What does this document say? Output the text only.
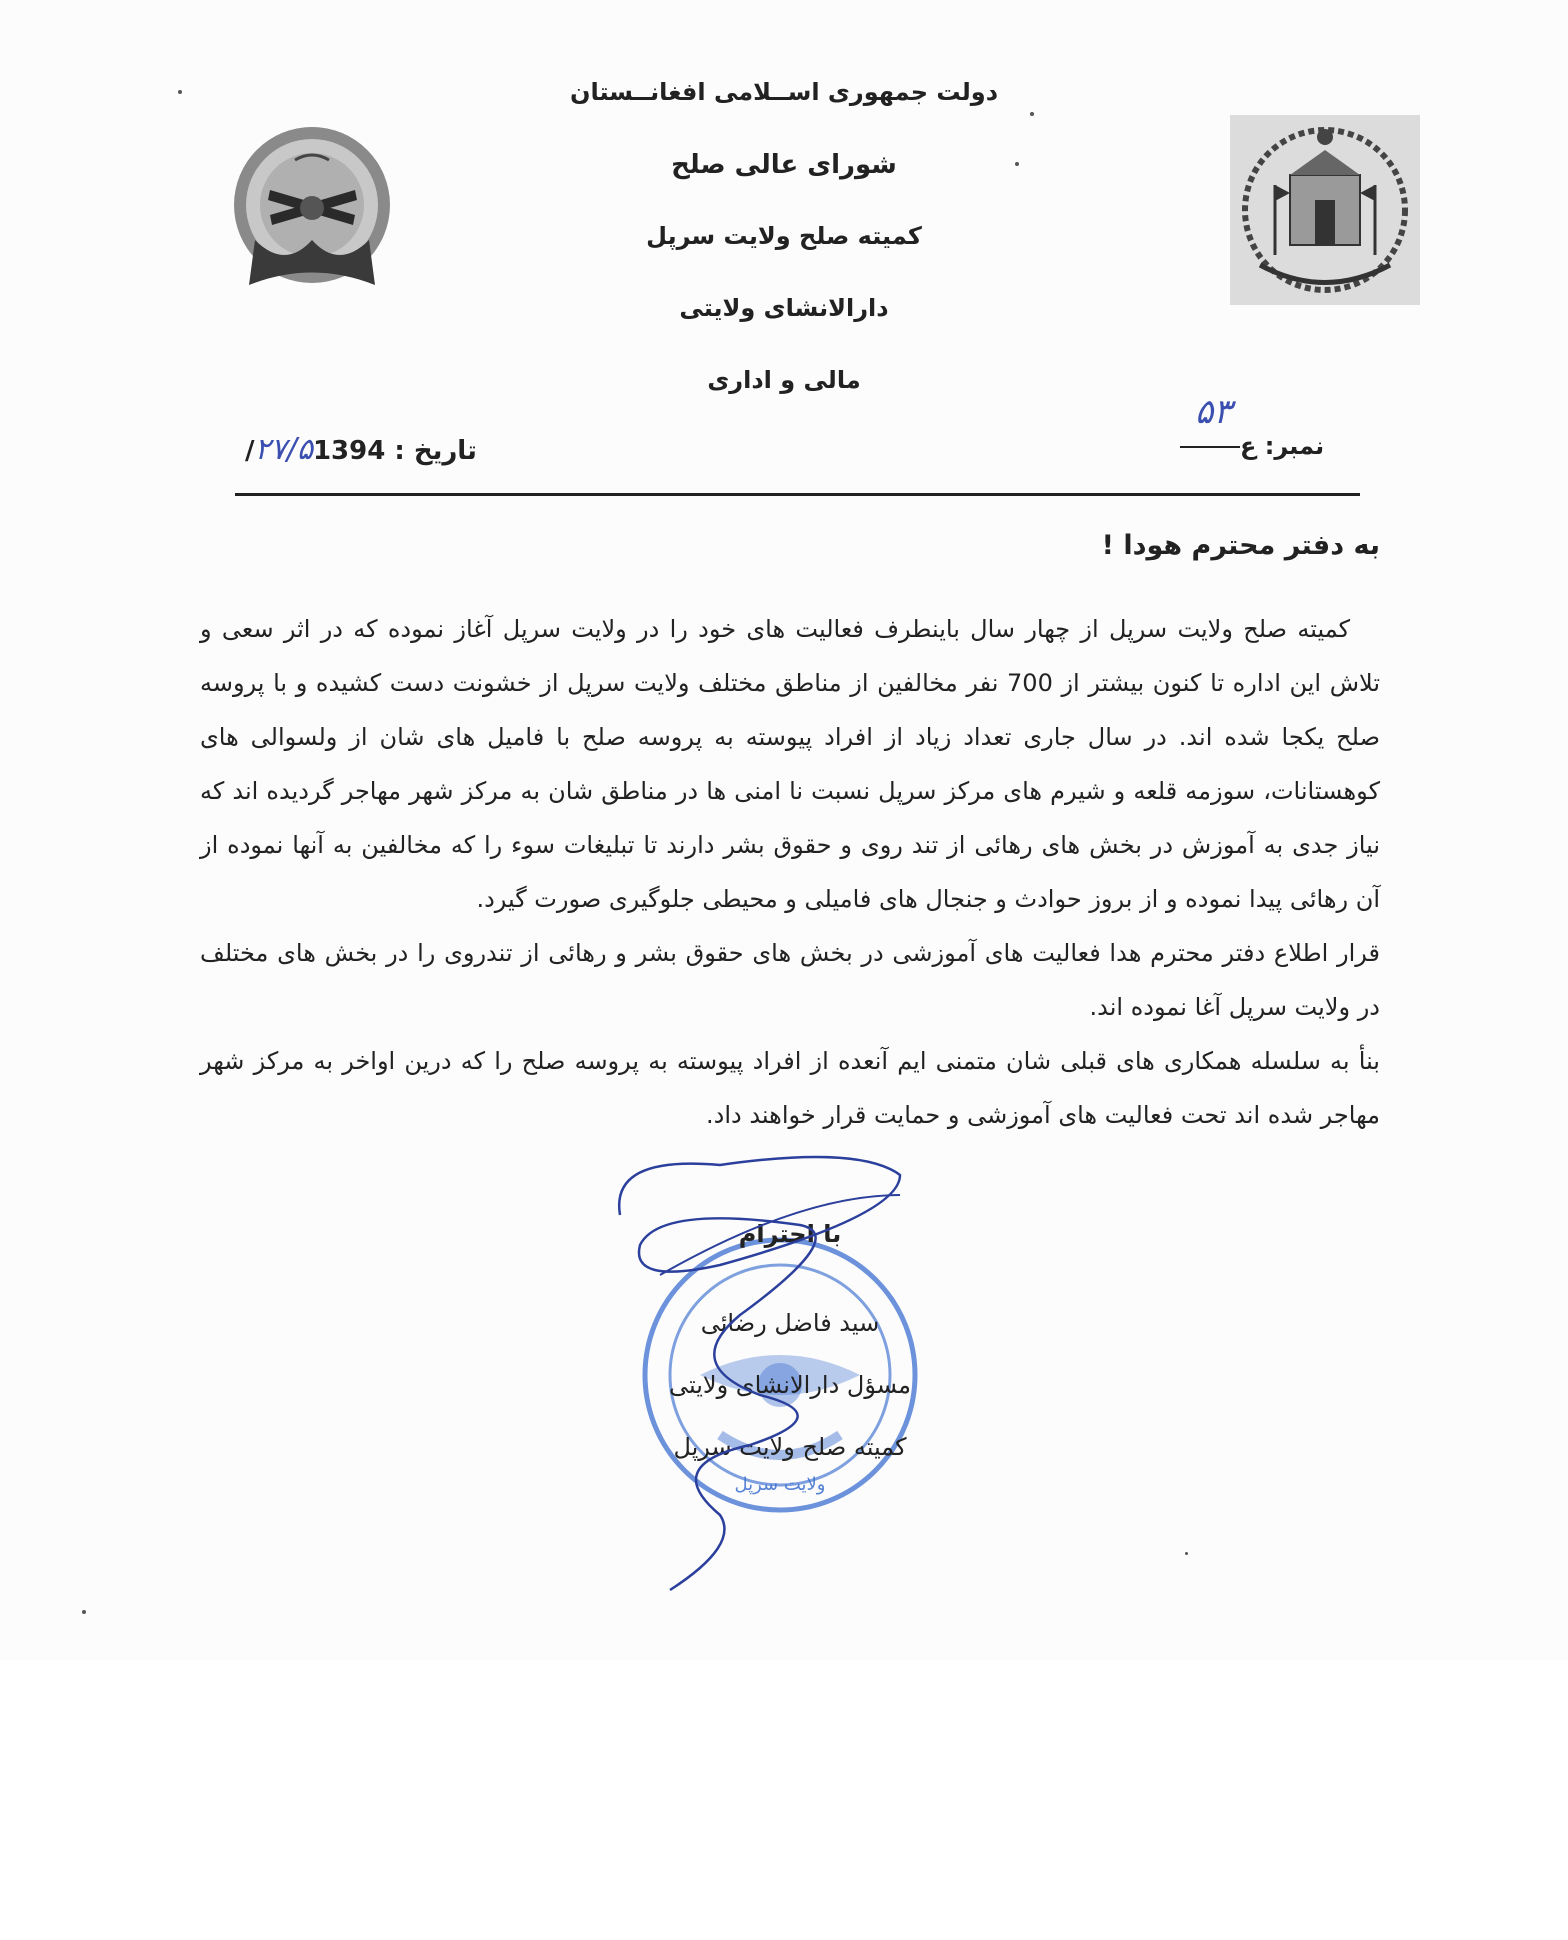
دولت جمهوری اســلامی افغانــستان
شورای عالی صلح
کمیته صلح ولایت سرپل
دارالانشای ولایتی
مالی و اداری
تاریخ : ۲۷/۵1394/	نمبر: ع
۵۳
به دفتر محترم هودا !

کمیته صلح ولایت سرپل از چهار سال باینطرف فعالیت های خود را در ولایت سرپل آغاز نموده که در اثر سعی و تلاش این اداره تا کنون بیشتر از 700 نفر مخالفین از مناطق مختلف ولایت سرپل از خشونت دست کشیده و با پروسه صلح یکجا شده اند. در سال جاری تعداد زیاد از افراد پیوسته به پروسه صلح با فامیل های شان از ولسوالی های کوهستانات، سوزمه قلعه و شیرم های مرکز سرپل نسبت نا امنی ها در مناطق شان به مرکز شهر مهاجر گردیده اند که نیاز جدی به آموزش در بخش های رهائی از تند روی و حقوق بشر دارند تا تبلیغات سوء را که مخالفین به آنها نموده از آن رهائی پیدا نموده و از بروز حوادث و جنجال های فامیلی و محیطی جلوگیری صورت گیرد.

قرار اطلاع دفتر محترم هدا فعالیت های آموزشی در بخش های حقوق بشر و رهائی از تندروی را در بخش های مختلف در ولایت سرپل آغا نموده اند.

بنأ به سلسله همکاری های قبلی شان متمنی ایم آنعده از افراد پیوسته به پروسه صلح را که درین اواخر به مرکز شهر مهاجر شده اند تحت فعالیت های آموزشی و حمایت قرار خواهند داد.

ولایت سرپل
با احترام
سید فاضل رضائی
مسؤل دارالانشای ولایتی
کمیته صلح ولایت سرپل
